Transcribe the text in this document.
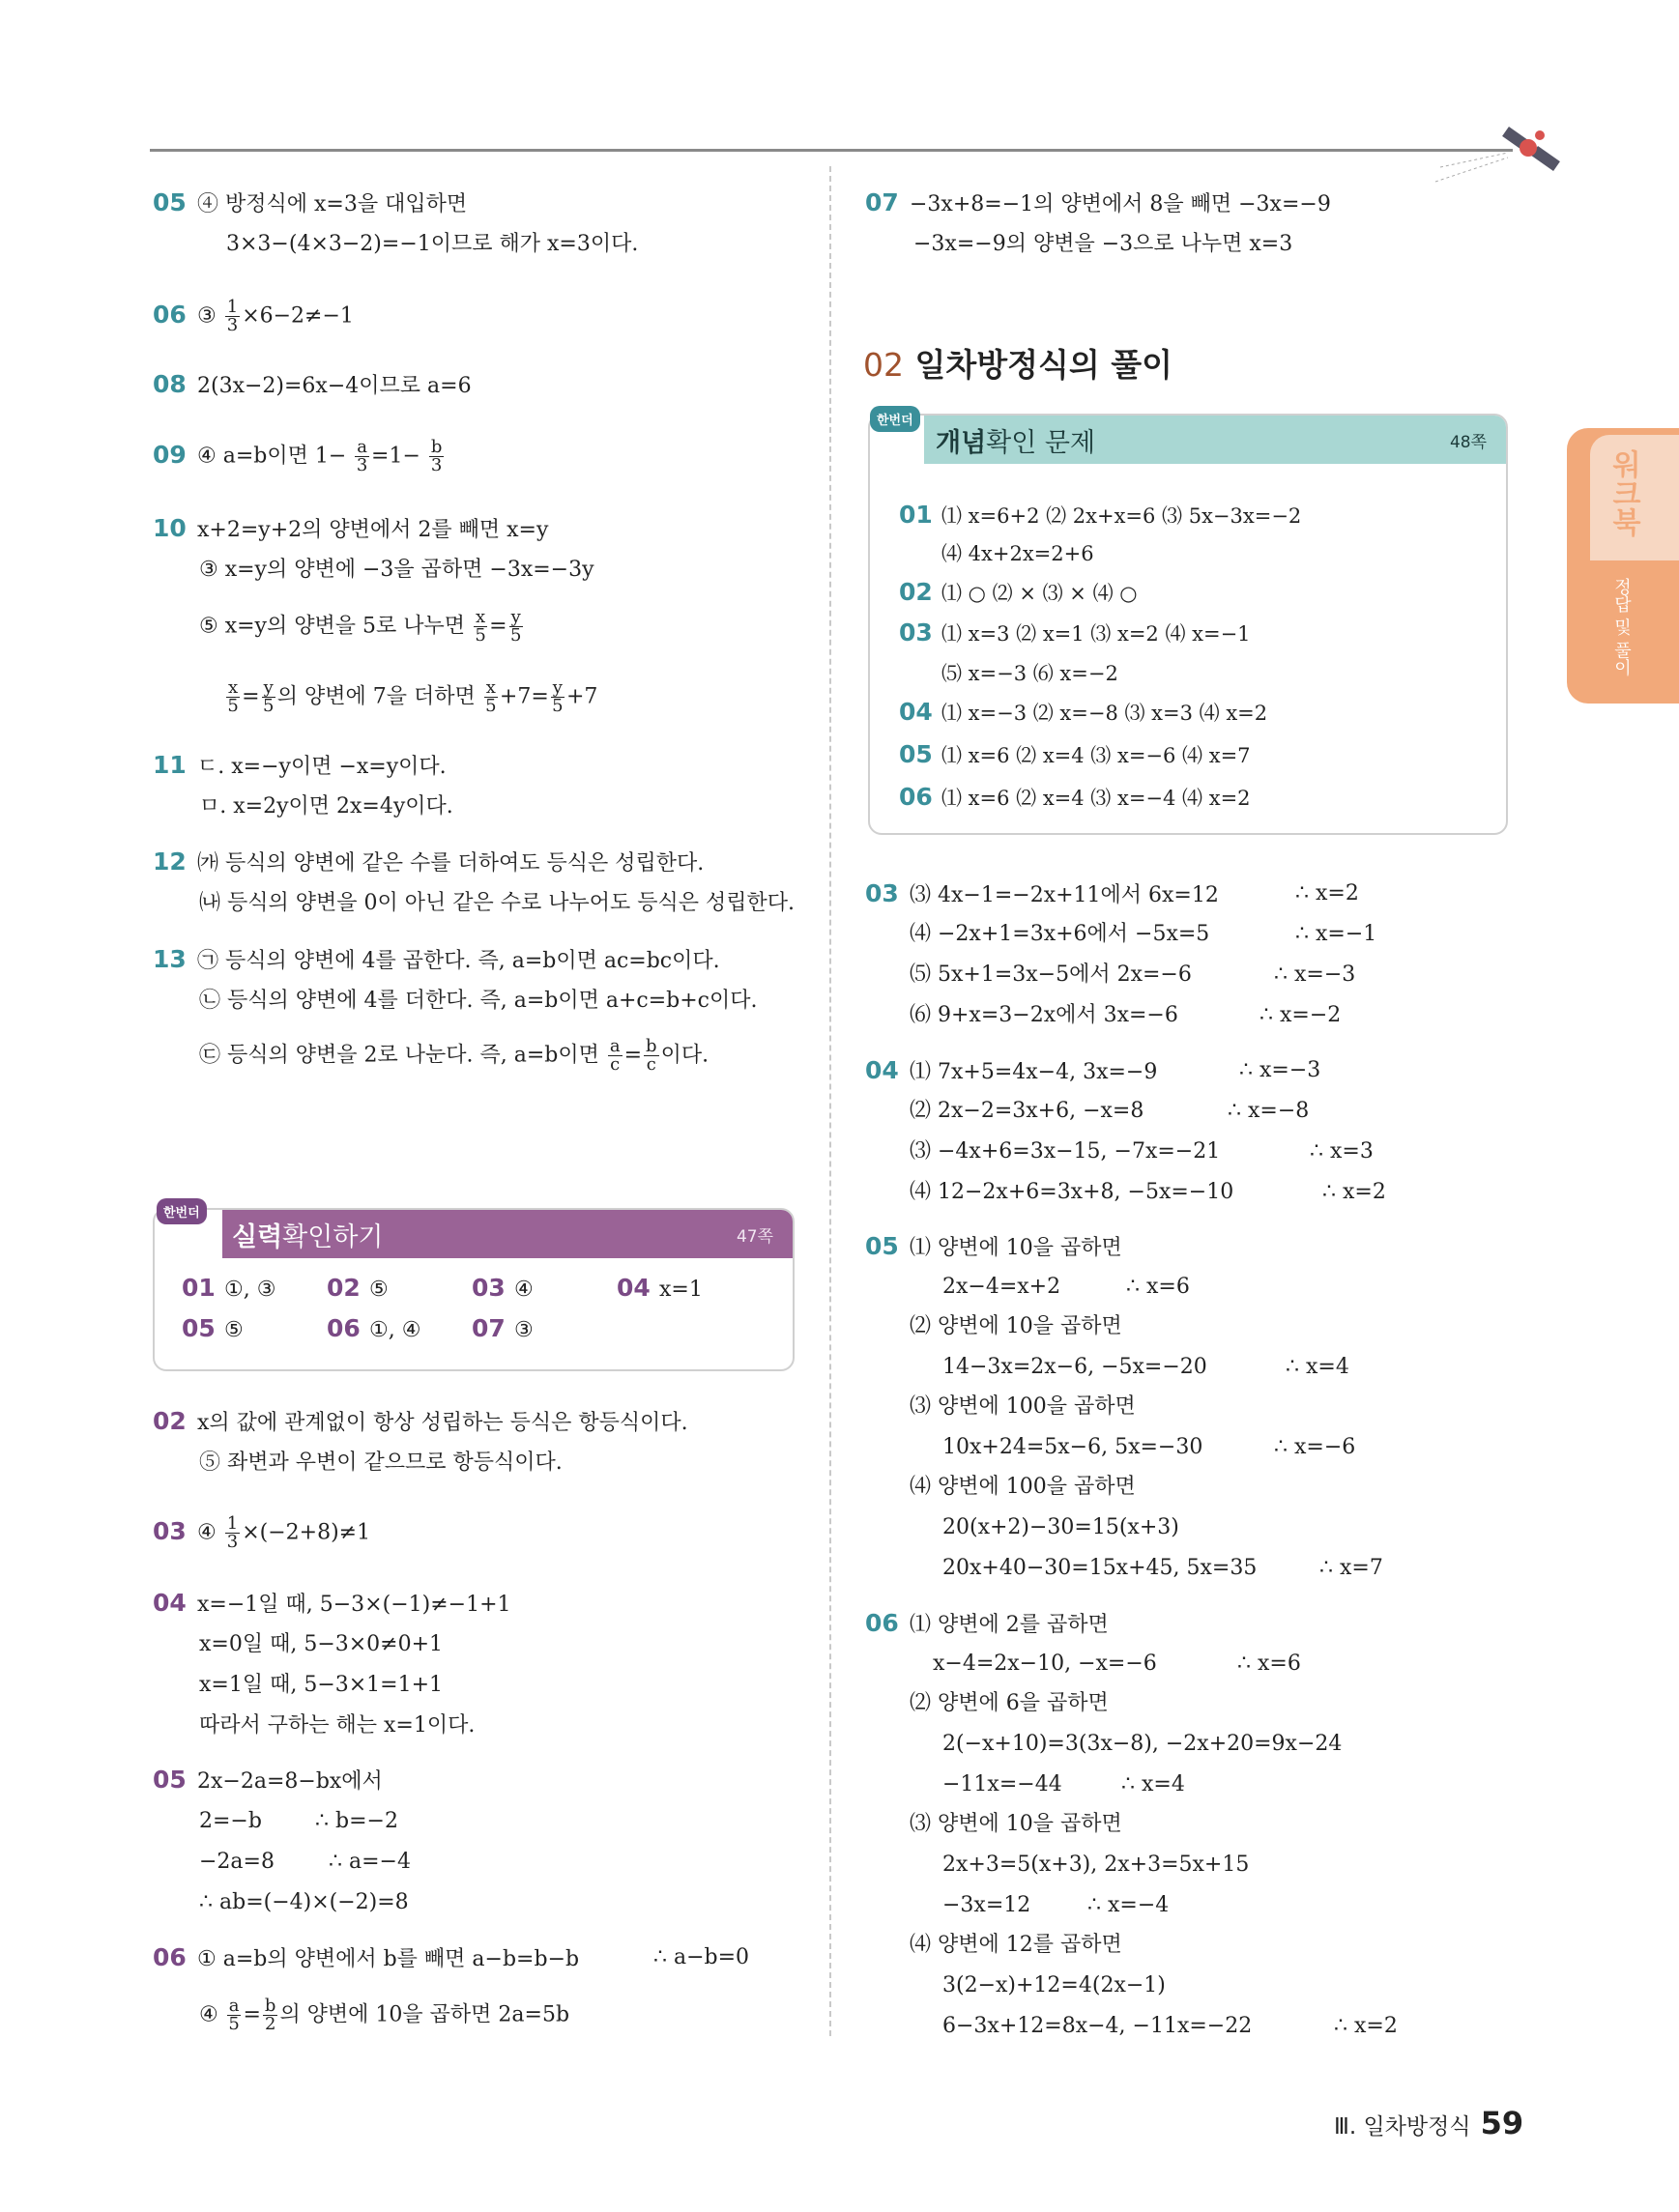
05 ④ 방정식에 x=3을 대입하면
3×3−(4×3−2)=−1이므로 해가 x=3이다.
06 ③ $\frac{1}{3} \times 6-2\ne-1$
08 2(3x−2)=6x−4이므로 a=6
09 ④ a=b이면 $1- \frac{a}{3} =1- \frac{b}{3}$
10 x+2=y+2의 양변에서 2를 빼면 x=y
③ x=y의 양변에 −3을 곱하면 −3x=−3y
⑤ x=y의 양변을 5로 나누면 $\frac{x}{5} = \frac{y}{5}$
$\frac{x}{5} = \frac{y}{5}$ 의 양변에 7을 더하면 $\frac{x}{5} +7= \frac{y}{5} +7$
11 ㄷ. x=−y이면 −x=y이다.
ㅁ. x=2y이면 2x=4y이다.
12 ㈎ 등식의 양변에 같은 수를 더하여도 등식은 성립한다.
㈏ 등식의 양변을 0이 아닌 같은 수로 나누어도 등식은 성립한다.
13 ㉠ 등식의 양변에 4를 곱한다. 즉, a=b이면 ac=bc이다.
㉡ 등식의 양변에 4를 더한다. 즉, a=b이면 a+c=b+c이다.
㉢ 등식의 양변을 2로 나눈다. 즉, a=b이면 $\frac{a}{c} = \frac{b}{c}$ 이다.
실력 확인하기	47쪽
01 ①, ③ 02 ⑤	03 ④	04 x=1
05 ⑤	06 ①, ④ 07 ③
한번더
02 x의 값에 관계없이 항상 성립하는 등식은 항등식이다.
⑤ 좌변과 우변이 같으므로 항등식이다.
03 ④ $\frac{1}{3} \times(-2+8)\ne 1$
04 x=−1일 때, 5−3×(−1)≠−1+1
x=0일 때, 5−3×0≠0+1
x=1일 때, 5−3×1=1+1
따라서 구하는 해는 x=1이다.
05 2x−2a=8−bx에서
2=−b	∴ b=−2
−2a=8	∴ a=−4
∴ ab=(−4)×(−2)=8
06 ① a=b의 양변에서 b를 빼면 a−b=b−b	∴ a−b=0
④ $\frac{a}{5} = \frac{b}{2}$ 의 양변에 10을 곱하면 2a=5b
07 −3x+8=−1의 양변에서 8을 빼면 −3x=−9
−3x=−9의 양변을 −3으로 나누면 x=3
02 일차방정식의 풀이
개념 확인 문제	48쪽
01 ⑴ x=6+2 ⑵ 2x+x=6 ⑶ 5x−3x=−2
⑷ 4x+2x=2+6
02 ⑴ ○ ⑵ × ⑶ × ⑷ ○
03 ⑴ x=3 ⑵ x=1 ⑶ x=2 ⑷ x=−1
⑸ x=−3 ⑹ x=−2
04 ⑴ x=−3 ⑵ x=−8 ⑶ x=3 ⑷ x=2
05 ⑴ x=6 ⑵ x=4 ⑶ x=−6 ⑷ x=7
06 ⑴ x=6 ⑵ x=4 ⑶ x=−4 ⑷ x=2
한번더
05 ⑴ 양변에 10을 곱하면
2x−4=x+2	∴ x=6
⑵ 양변에 10을 곱하면
14−3x=2x−6, −5x=−20	∴ x=4
⑶ 양변에 100을 곱하면
10x+24=5x−6, 5x=−30	∴ x=−6
⑷ 양변에 100을 곱하면
20(x+2)−30=15(x+3)
20x+40−30=15x+45, 5x=35	∴ x=7
06 ⑴ 양변에 2를 곱하면
x−4=2x−10, −x=−6	∴ x=6
⑵ 양변에 6을 곱하면
2(−x+10)=3(3x−8), −2x+20=9x−24
−11x=−44	∴ x=4
⑶ 양변에 10을 곱하면
2x+3=5(x+3), 2x+3=5x+15
−3x=12	∴ x=−4
⑷ 양변에 12를 곱하면
3(2−x)+12=4(2x−1)
6−3x+12=8x−4, −11x=−22	∴ x=2
워크북
정답 및 풀이
Ⅲ. 일차방정식 59
03 ⑶ 4x−1=−2x+11에서 6x=12	∴ x=2
⑷ −2x+1=3x+6에서 −5x=5	∴ x=−1
⑸ 5x+1=3x−5에서 2x=−6	∴ x=−3
⑹ 9+x=3−2x에서 3x=−6	∴ x=−2
04 ⑴ 7x+5=4x−4, 3x=−9	∴ x=−3
⑵ 2x−2=3x+6, −x=8	∴ x=−8
⑶ −4x+6=3x−15, −7x=−21	∴ x=3
⑷ 12−2x+6=3x+8, −5x=−10	∴ x=2
